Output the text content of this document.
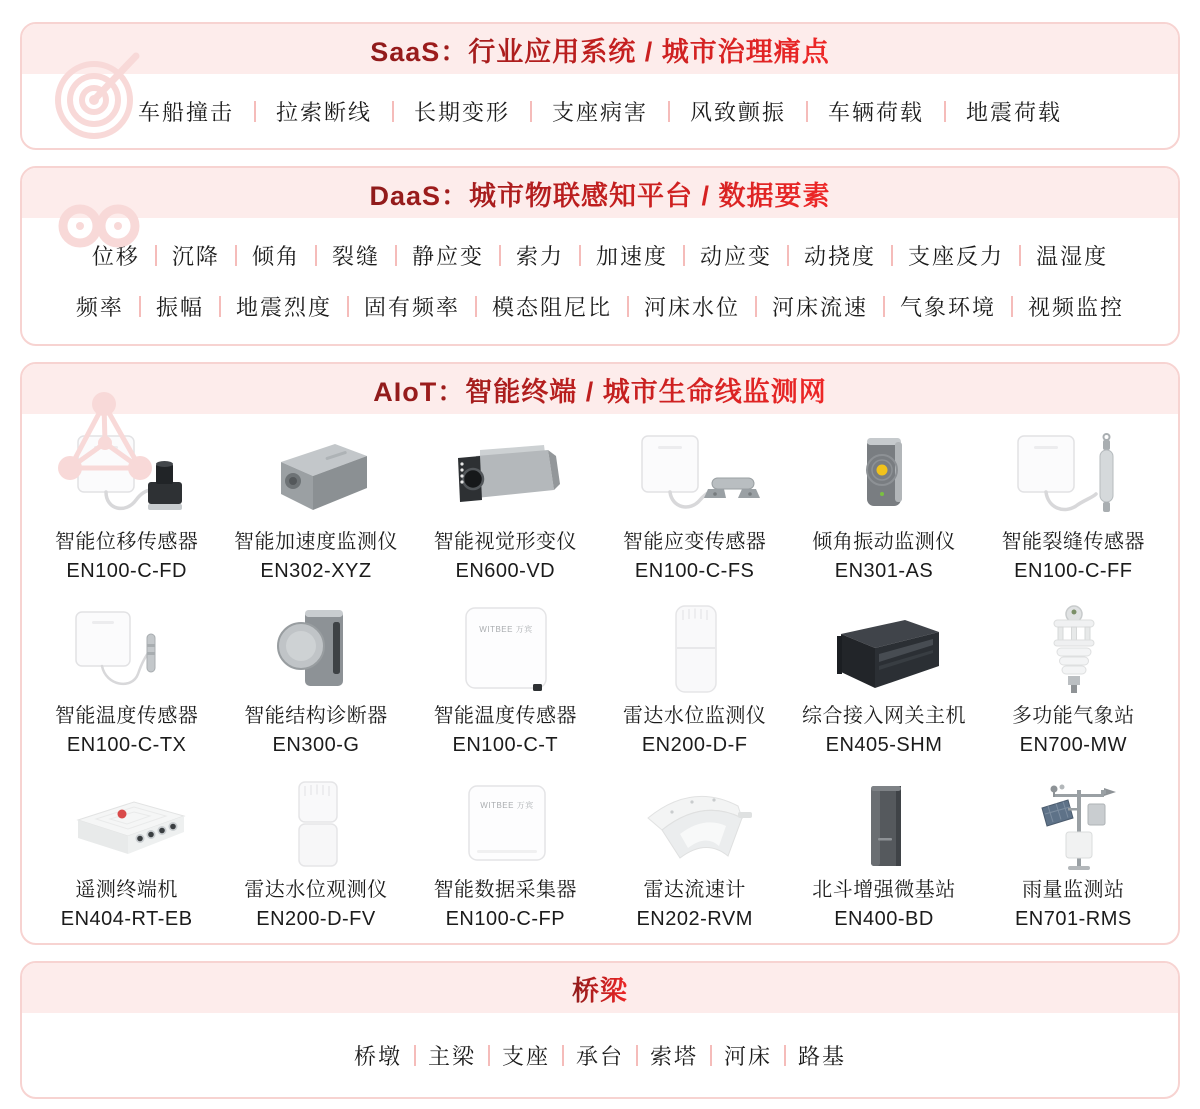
SaaS：行业应用系统 / 城市治理痛点
车船撞击	拉索断线	长期变形	支座病害	风致颤振	车辆荷载	地震荷载
DaaS：城市物联感知平台 / 数据要素
位移	沉降	倾角	裂缝	静应变	索力	加速度	动应变	动挠度	支座反力	温湿度
频率	振幅	地震烈度	固有频率	模态阻尼比	河床水位	河床流速	气象环境	视频监控
AIoT：智能终端 / 城市生命线监测网
智能位移传感器
EN100-C-FD
智能加速度监测仪
EN302-XYZ
智能视觉形变仪
EN600-VD
智能应变传感器
EN100-C-FS
倾角振动监测仪
EN301-AS
智能裂缝传感器
EN100-C-FF
智能温度传感器
EN100-C-TX
智能结构诊断器
EN300-G
WITBEE 万宾
智能温度传感器
EN100-C-T
雷达水位监测仪
EN200-D-F
综合接入网关主机
EN405-SHM
多功能气象站
EN700-MW
遥测终端机
EN404-RT-EB
雷达水位观测仪
EN200-D-FV
WITBEE 万宾
智能数据采集器
EN100-C-FP
雷达流速计
EN202-RVM
北斗增强微基站
EN400-BD
雨量监测站
EN701-RMS
桥梁
桥墩	主梁	支座	承台	索塔	河床	路基
